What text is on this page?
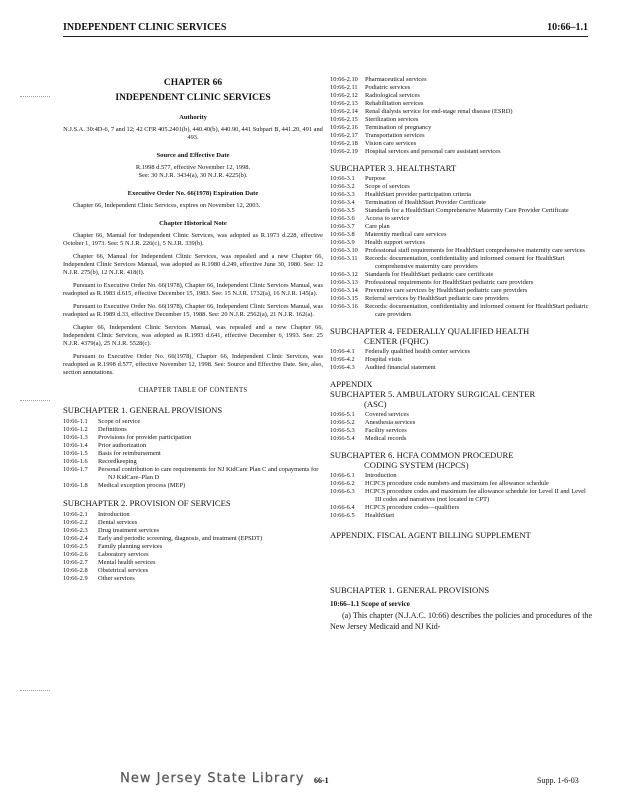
INDEPENDENT CLINIC SERVICES	10:66–1.1
CHAPTER 66
INDEPENDENT CLINIC SERVICES
Authority
N.J.S.A. 30:4D-6, 7 and 12; 42 CFR 405.2401(b), 440.40(b), 440.90, 441 Subpart B, 441.20, 491 and 493.
Source and Effective Date
R.1998 d.577, effective November 12, 1998.
See: 30 N.J.R. 3434(a), 30 N.J.R. 4225(b).
Executive Order No. 66(1978) Expiration Date
Chapter 66, Independent Clinic Services, expires on November 12, 2003.
Chapter Historical Note
Chapter 66, Manual for Independent Clinic Services, was adopted as R.1973 d.228, effective October 1, 1973. See: 5 N.J.R. 226(c), 5 N.J.R. 339(b).
Chapter 66, Manual for Independent Clinic Services, was repealed and a new Chapter 66, Independent Clinic Services Manual, was adopted as R.1980 d.249, effective June 30, 1980. See: 12 N.J.R. 275(b), 12 N.J.R. 418(f).
Pursuant to Executive Order No. 66(1978), Chapter 66, Independent Clinic Services Manual, was readopted as R.1983 d.615, effective December 15, 1983. See: 15 N.J.R. 1732(a), 16 N.J.R. 145(a).
Pursuant to Executive Order No. 66(1978), Chapter 66, Independent Clinic Services Manual, was readopted as R.1989 d.33, effective December 15, 1988. See: 20 N.J.R. 2562(a), 21 N.J.R. 162(a).
Chapter 66, Independent Clinic Services Manual, was repealed and a new Chapter 66, Independent Clinic Services, was adopted as R.1993 d.641, effective December 6, 1993. See: 25 N.J.R. 4379(a), 25 N.J.R. 5528(c).
Pursuant to Executive Order No. 66(1978), Chapter 66, Independent Clinic Services, was readopted as R.1998 d.577, effective November 12, 1998. See: Source and Effective Date. See, also, section annotations.
CHAPTER TABLE OF CONTENTS
SUBCHAPTER 1. GENERAL PROVISIONS
10:66-1.1	Scope of service
10:66-1.2	Definitions
10:66-1.3	Provisions for provider participation
10:66-1.4	Prior authorization
10:66-1.5	Basis for reimbursement
10:66-1.6	Recordkeeping
10:66-1.7	Personal contribution to care requirements for NJ KidCare Plan C and copayments for NJ KidCare–Plan D
10:66-1.8	Medical exception process (MEP)
SUBCHAPTER 2. PROVISION OF SERVICES
10:66-2.1	Introduction
10:66-2.2	Dental services
10:66-2.3	Drug treatment services
10:66-2.4	Early and periodic screening, diagnosis, and treatment (EPSDT)
10:66-2.5	Family planning services
10:66-2.6	Laboratory services
10:66-2.7	Mental health services
10:66-2.8	Obstetrical services
10:66-2.9	Other services
10:66-2.10	Pharmaceutical services
10:66-2.11	Podiatric services
10:66-2.12	Radiological services
10:66-2.13	Rehabilitation services
10:66-2.14	Renal dialysis service for end-stage renal disease (ESRD)
10:66-2.15	Sterilization services
10:66-2.16	Termination of pregnancy
10:66-2.17	Transportation services
10:66-2.18	Vision care services
10:66-2.19	Hospital services and personal care assistant services
SUBCHAPTER 3. HEALTHSTART
10:66-3.1	Purpose
10:66-3.2	Scope of services
10:66-3.3	HealthStart provider participation criteria
10:66-3.4	Termination of HealthStart Provider Certificate
10:66-3.5	Standards for a HealthStart Comprehensive Maternity Care Provider Certificate
10:66-3.6	Access to service
10:66-3.7	Care plan
10:66-3.8	Maternity medical care services
10:66-3.9	Health support services
10:66-3.10	Professional staff requirements for HealthStart comprehensive maternity care services
10:66-3.11	Records: documentation, confidentiality and informed consent for HealthStart comprehensive maternity care providers
10:66-3.12	Standards for HealthStart pediatric care certificate
10:66-3.13	Professional requirements for HealthStart pediatric care providers
10:66-3.14	Preventive care services by HealthStart pediatric care providers
10:66-3.15	Referral services by HealthStart pediatric care providers
10:66-3.16	Records: documentation, confidentiality and informed consent for HealthStart pediatric care providers
SUBCHAPTER 4. FEDERALLY QUALIFIED HEALTH
CENTER (FQHC)
10:66-4.1	Federally qualified health center services
10:66-4.2	Hospital visits
10:66-4.3	Audited financial statement
APPENDIX
SUBCHAPTER 5. AMBULATORY SURGICAL CENTER
(ASC)
10:66-5.1	Covered services
10:66-5.2	Anesthesia services
10:66-5.3	Facility services
10:66-5.4	Medical records
SUBCHAPTER 6. HCFA COMMON PROCEDURE
CODING SYSTEM (HCPCS)
10:66-6.1	Introduction
10:66-6.2	HCPCS procedure code numbers and maximum fee allowance schedule
10:66-6.3	HCPCS procedure codes and maximum fee allowance schedule for Level II and Level III codes and narratives (not located in CPT)
10:66-6.4	HCPCS procedure codes—qualifiers
10:66-6.5	HealthStart
APPENDIX. FISCAL AGENT BILLING SUPPLEMENT
SUBCHAPTER 1. GENERAL PROVISIONS
10:66–1.1 Scope of service

(a) This chapter (N.J.A.C. 10:66) describes the policies and procedures of the New Jersey Medicaid and NJ Kid-

New Jersey State Library 66-1	Supp. 1-6-03
